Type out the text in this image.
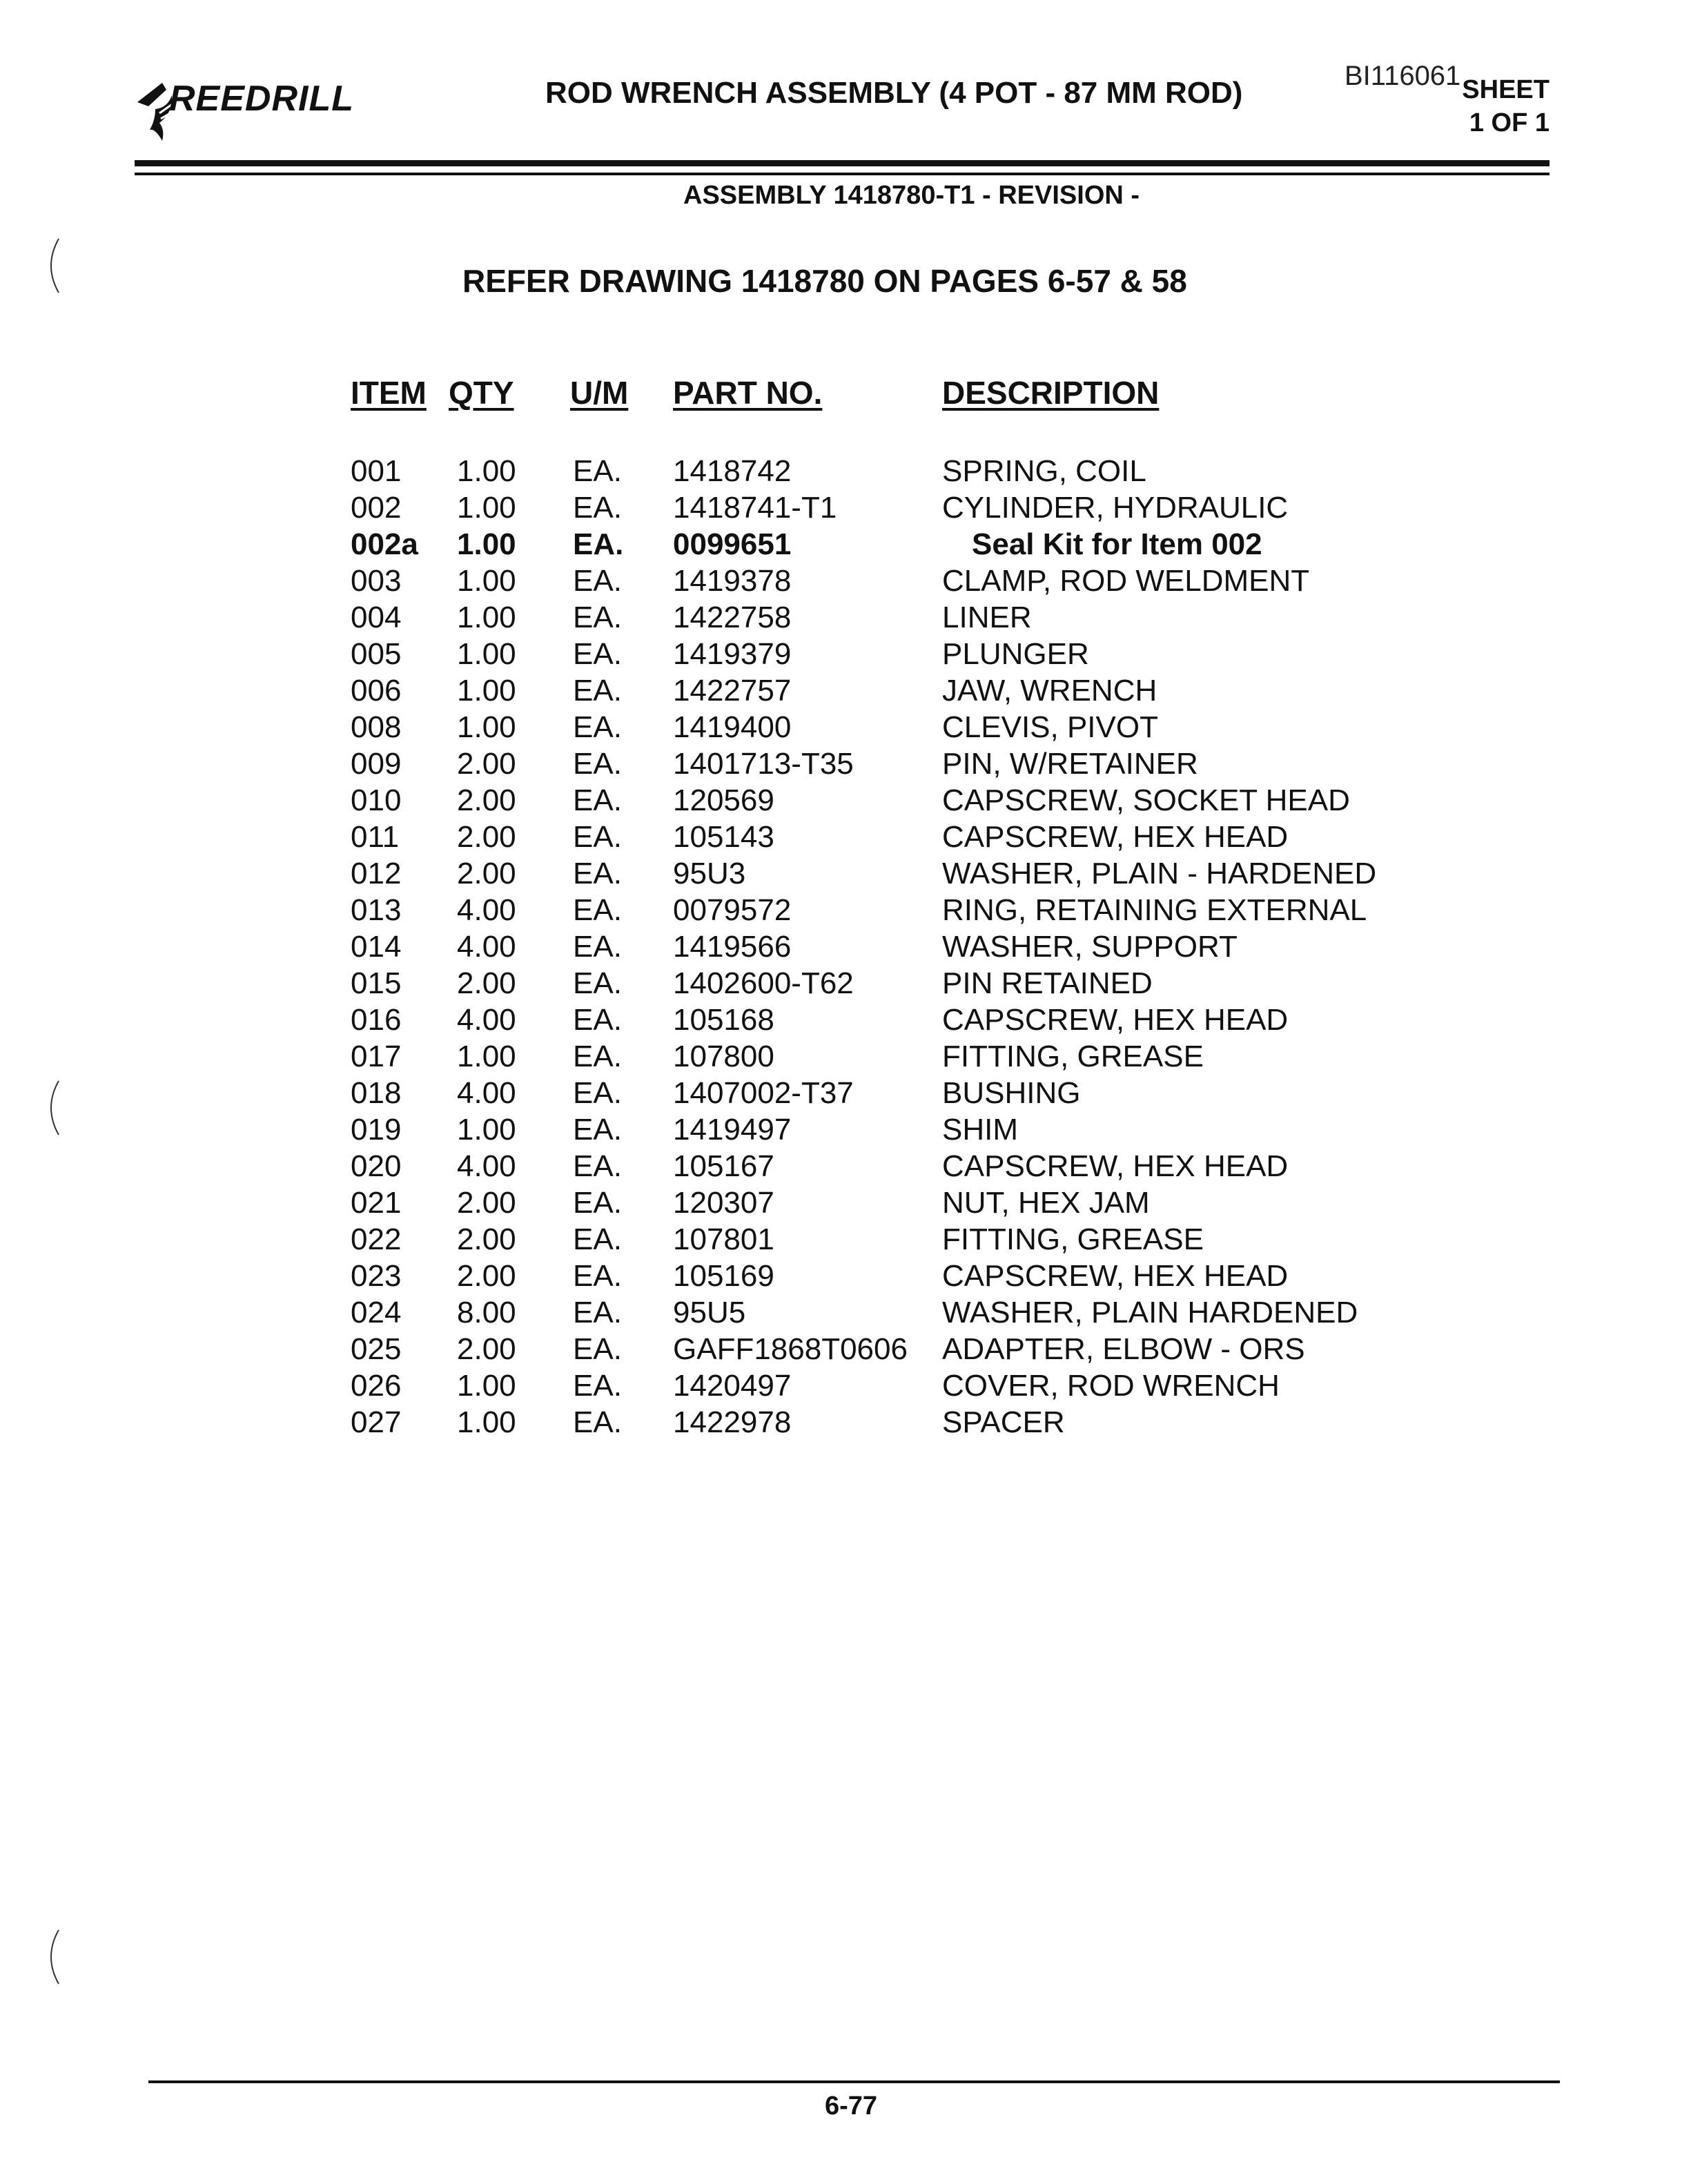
REEDRILL	ROD WRENCH ASSEMBLY (4 POT - 87 MM ROD)	BI116061 SHEET
1 OF 1
ASSEMBLY 1418780-T1 - REVISION -
REFER DRAWING 1418780 ON PAGES 6-57 & 58
ITEM QTY U/M PART NO.	DESCRIPTION
001 1.00 EA. 1418742	SPRING, COIL
002 1.00 EA. 1418741-T1	CYLINDER, HYDRAULIC
002a 1.00 EA. 0099651	Seal Kit for Item 002
003 1.00 EA. 1419378	CLAMP, ROD WELDMENT
004 1.00 EA. 1422758	LINER
005 1.00 EA. 1419379	PLUNGER
006 1.00 EA. 1422757	JAW, WRENCH
008 1.00 EA. 1419400	CLEVIS, PIVOT
009 2.00 EA. 1401713-T35	PIN, W/RETAINER
010 2.00 EA. 120569	CAPSCREW, SOCKET HEAD
011 2.00 EA. 105143	CAPSCREW, HEX HEAD
012 2.00 EA. 95U3	WASHER, PLAIN - HARDENED
013 4.00 EA. 0079572	RING, RETAINING EXTERNAL
014 4.00 EA. 1419566	WASHER, SUPPORT
015 2.00 EA. 1402600-T62	PIN RETAINED
016 4.00 EA. 105168	CAPSCREW, HEX HEAD
017 1.00 EA. 107800	FITTING, GREASE
018 4.00 EA. 1407002-T37	BUSHING
019 1.00 EA. 1419497	SHIM
020 4.00 EA. 105167	CAPSCREW, HEX HEAD
021 2.00 EA. 120307	NUT, HEX JAM
022 2.00 EA. 107801	FITTING, GREASE
023 2.00 EA. 105169	CAPSCREW, HEX HEAD
024 8.00 EA. 95U5	WASHER, PLAIN HARDENED
025 2.00 EA. GAFF1868T0606 ADAPTER, ELBOW - ORS
026 1.00 EA. 1420497	COVER, ROD WRENCH
027 1.00 EA. 1422978	SPACER
6-77
